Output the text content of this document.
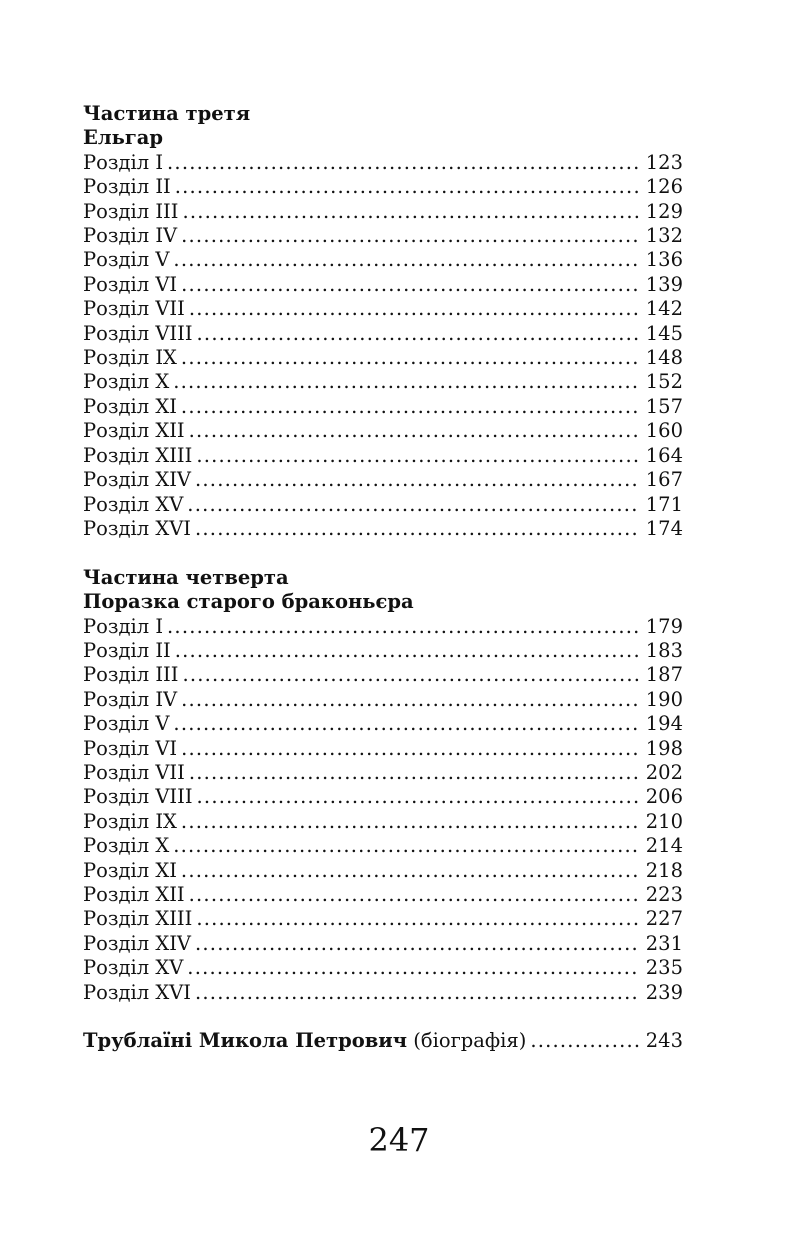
Частина третя
Ельгар
Розділ I .....	123
Розділ II .....	126
Розділ III .....	129
Розділ IV .....	132
Розділ V .....	136
Розділ VI .....	139
Розділ VII .....	142
Розділ VIII .....	145
Розділ IX .....	148
Розділ X .....	152
Розділ XI .....	157
Розділ XII .....	160
Розділ XIII .....	164
Розділ XIV .....	167
Розділ XV .....	171
Розділ XVI .....	174
Частина четверта
Поразка старого браконьєра
Розділ I .....	179
Розділ II .....	183
Розділ III .....	187
Розділ IV .....	190
Розділ V .....	194
Розділ VI .....	198
Розділ VII .....	202
Розділ VIII .....	206
Розділ IX .....	210
Розділ X .....	214
Розділ XI .....	218
Розділ XII .....	223
Розділ XIII .....	227
Розділ XIV .....	231
Розділ XV .....	235
Розділ XVI .....	239
Трублаїні Микола Петрович (біографія) .....	243
247
